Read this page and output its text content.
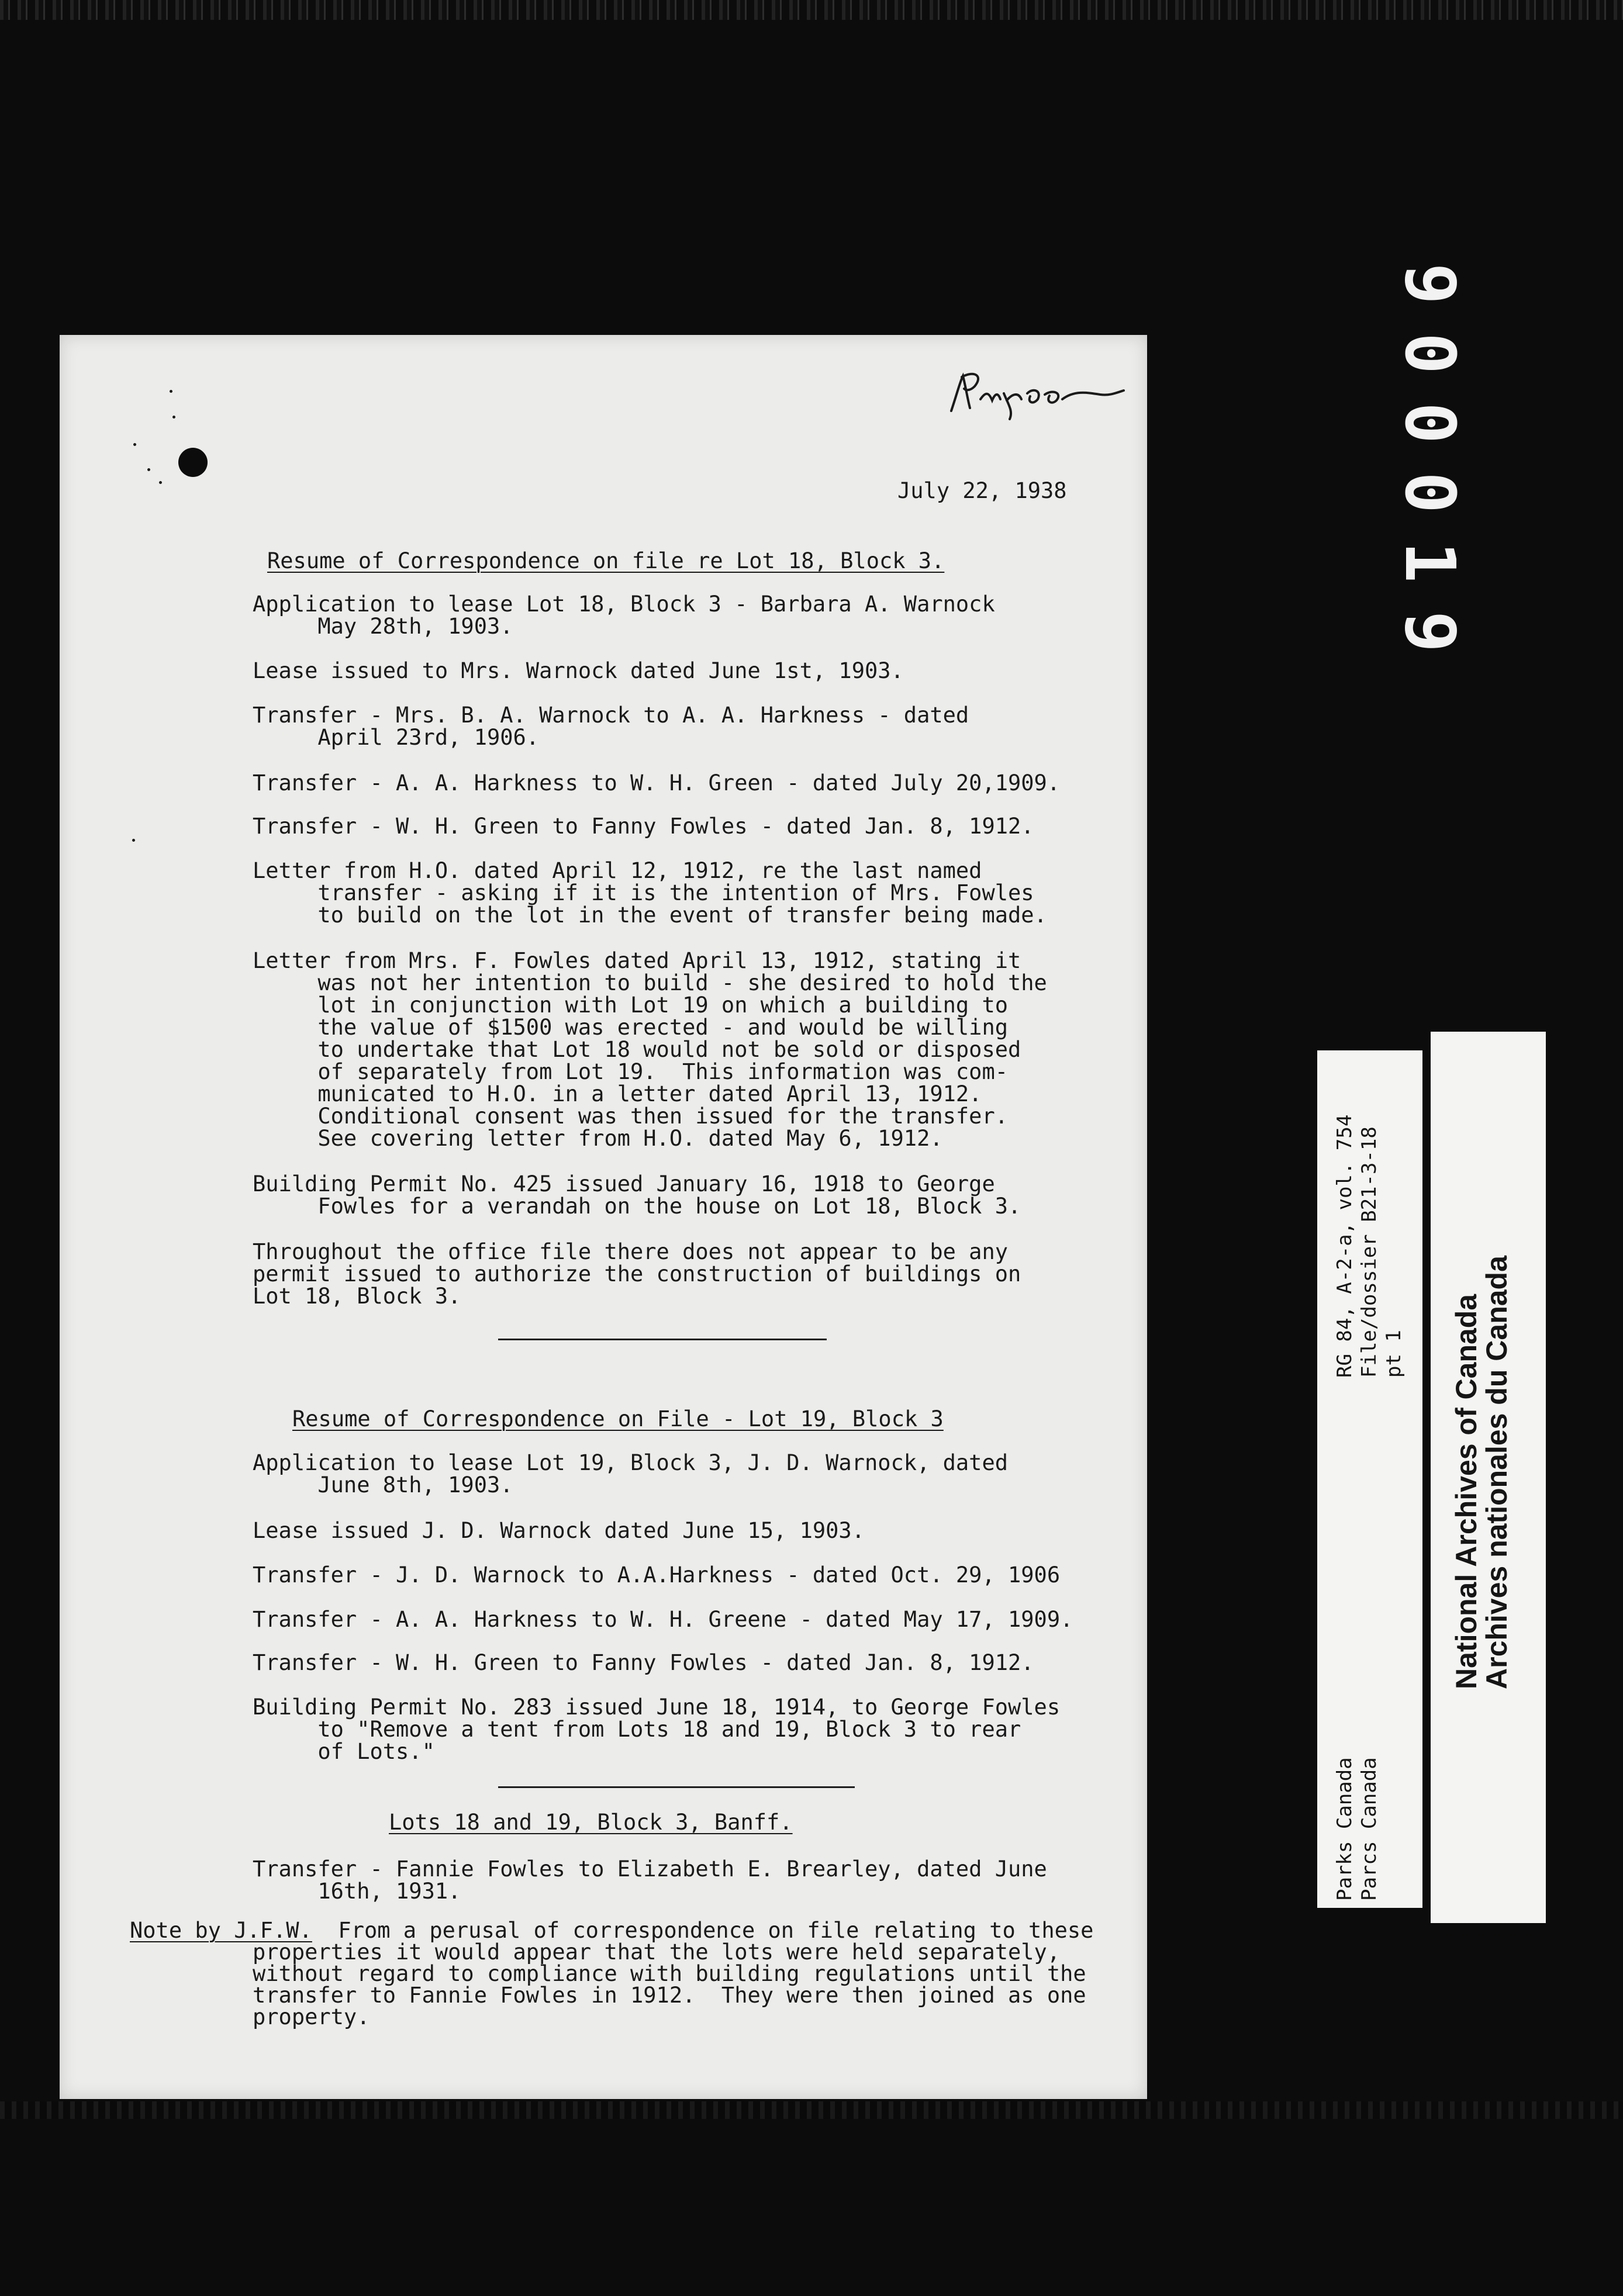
July 22, 1938
Resume of Correspondence on file re Lot 18, Block 3.
Application to lease Lot 18, Block 3 - Barbara A. Warnock
May 28th, 1903.
Lease issued to Mrs. Warnock dated June 1st, 1903.
Transfer - Mrs. B. A. Warnock to A. A. Harkness - dated
April 23rd, 1906.
Transfer - A. A. Harkness to W. H. Green - dated July 20,1909.
Transfer - W. H. Green to Fanny Fowles - dated Jan. 8, 1912.
Letter from H.O. dated April 12, 1912, re the last named
transfer - asking if it is the intention of Mrs. Fowles
to build on the lot in the event of transfer being made.
Letter from Mrs. F. Fowles dated April 13, 1912, stating it
was not her intention to build - she desired to hold the
lot in conjunction with Lot 19 on which a building to
the value of $1500 was erected - and would be willing
to undertake that Lot 18 would not be sold or disposed
of separately from Lot 19.  This information was com-
municated to H.O. in a letter dated April 13, 1912.
Conditional consent was then issued for the transfer.
See covering letter from H.O. dated May 6, 1912.
Building Permit No. 425 issued January 16, 1918 to George
Fowles for a verandah on the house on Lot 18, Block 3.
Throughout the office file there does not appear to be any
permit issued to authorize the construction of buildings on
Lot 18, Block 3.
Resume of Correspondence on File - Lot 19, Block 3
Application to lease Lot 19, Block 3, J. D. Warnock, dated
June 8th, 1903.
Lease issued J. D. Warnock dated June 15, 1903.
Transfer - J. D. Warnock to A.A.Harkness - dated Oct. 29, 1906
Transfer - A. A. Harkness to W. H. Greene - dated May 17, 1909.
Transfer - W. H. Green to Fanny Fowles - dated Jan. 8, 1912.
Building Permit No. 283 issued June 18, 1914, to George Fowles
to "Remove a tent from Lots 18 and 19, Block 3 to rear
of Lots."
Lots 18 and 19, Block 3, Banff.
Transfer - Fannie Fowles to Elizabeth E. Brearley, dated June
16th, 1931.
Note by J.F.W.  From a perusal of correspondence on file relating to these
properties it would appear that the lots were held separately,
without regard to compliance with building regulations until the
transfer to Fannie Fowles in 1912.  They were then joined as one
property.
900019
RG 84, A-2-a, vol. 754 File/dossier B21-3-18 pt 1
Parks Canada Parcs Canada
National Archives of Canada
Archives nationales du Canada
